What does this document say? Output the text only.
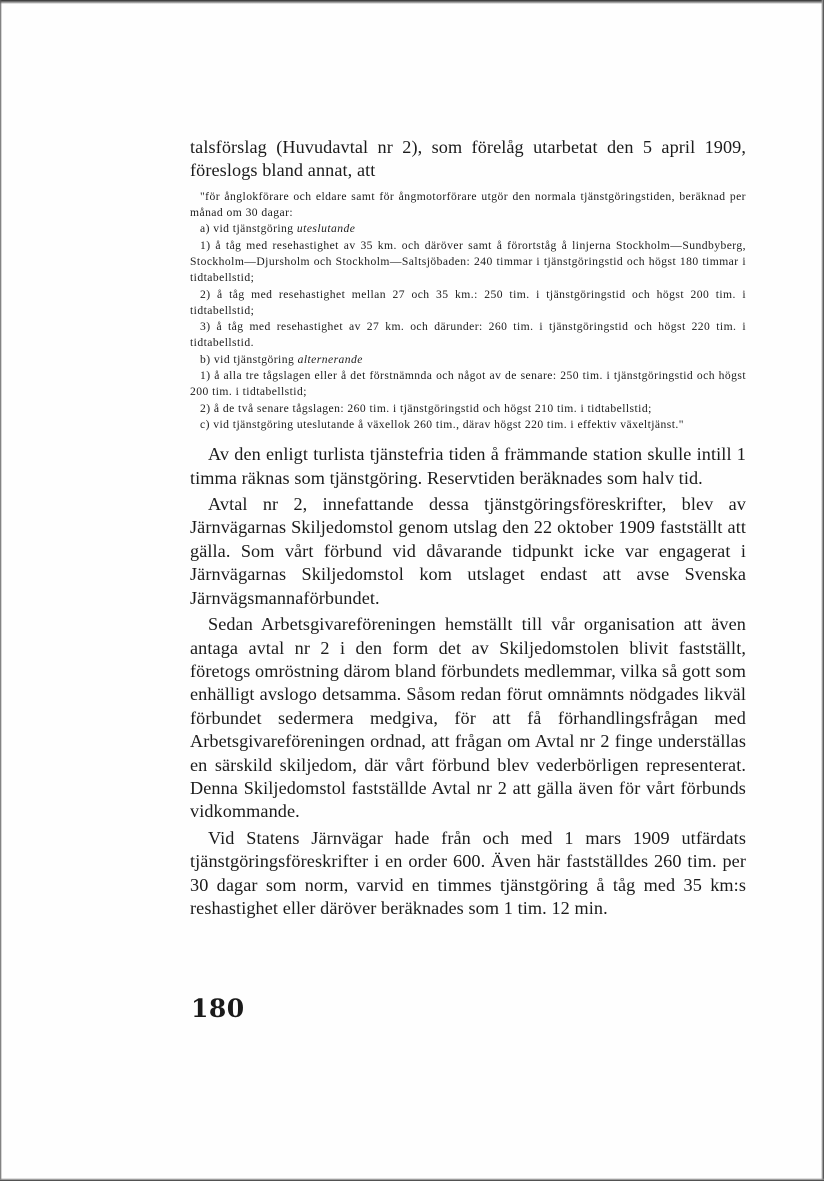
talsförslag (Huvudavtal nr 2), som förelåg utarbetat den 5 april 1909, föreslogs bland annat, att

"för ånglokförare och eldare samt för ångmotorförare utgör den normala tjänstgöringstiden, beräknad per månad om 30 dagar:

a) vid tjänstgöring uteslutande

1) å tåg med resehastighet av 35 km. och däröver samt å förortståg å linjerna Stockholm—Sundbyberg, Stockholm—Djursholm och Stockholm—Saltsjöbaden: 240 timmar i tjänstgöringstid och högst 180 timmar i tidtabellstid;

2) å tåg med resehastighet mellan 27 och 35 km.: 250 tim. i tjänstgöringstid och högst 200 tim. i tidtabellstid;

3) å tåg med resehastighet av 27 km. och därunder: 260 tim. i tjänstgöringstid och högst 220 tim. i tidtabellstid.

b) vid tjänstgöring alternerande

1) å alla tre tågslagen eller å det förstnämnda och något av de senare: 250 tim. i tjänstgöringstid och högst 200 tim. i tidtabellstid;

2) å de två senare tågslagen: 260 tim. i tjänstgöringstid och högst 210 tim. i tidtabellstid;

c) vid tjänstgöring uteslutande å växellok 260 tim., därav högst 220 tim. i effektiv växeltjänst."

Av den enligt turlista tjänstefria tiden å främmande station skulle intill 1 timma räknas som tjänstgöring. Reservtiden beräknades som halv tid.

Avtal nr 2, innefattande dessa tjänstgöringsföreskrifter, blev av Järnvägarnas Skiljedomstol genom utslag den 22 oktober 1909 fastställt att gälla. Som vårt förbund vid dåvarande tidpunkt icke var engagerat i Järnvägarnas Skiljedomstol kom utslaget endast att avse Svenska Järnvägsmannaförbundet.

Sedan Arbetsgivareföreningen hemställt till vår organisation att även antaga avtal nr 2 i den form det av Skiljedomstolen blivit fastställt, företogs omröstning därom bland förbundets medlemmar, vilka så gott som enhälligt avslogo detsamma. Såsom redan förut omnämnts nödgades likväl förbundet sedermera medgiva, för att få förhandlingsfrågan med Arbetsgivareföreningen ordnad, att frågan om Avtal nr 2 finge underställas en särskild skiljedom, där vårt förbund blev vederbörligen representerat. Denna Skiljedomstol fastställde Avtal nr 2 att gälla även för vårt förbunds vidkommande.

Vid Statens Järnvägar hade från och med 1 mars 1909 utfärdats tjänstgöringsföreskrifter i en order 600. Även här fastställdes 260 tim. per 30 dagar som norm, varvid en timmes tjänstgöring å tåg med 35 km:s reshastighet eller däröver beräknades som 1 tim. 12 min.

180
